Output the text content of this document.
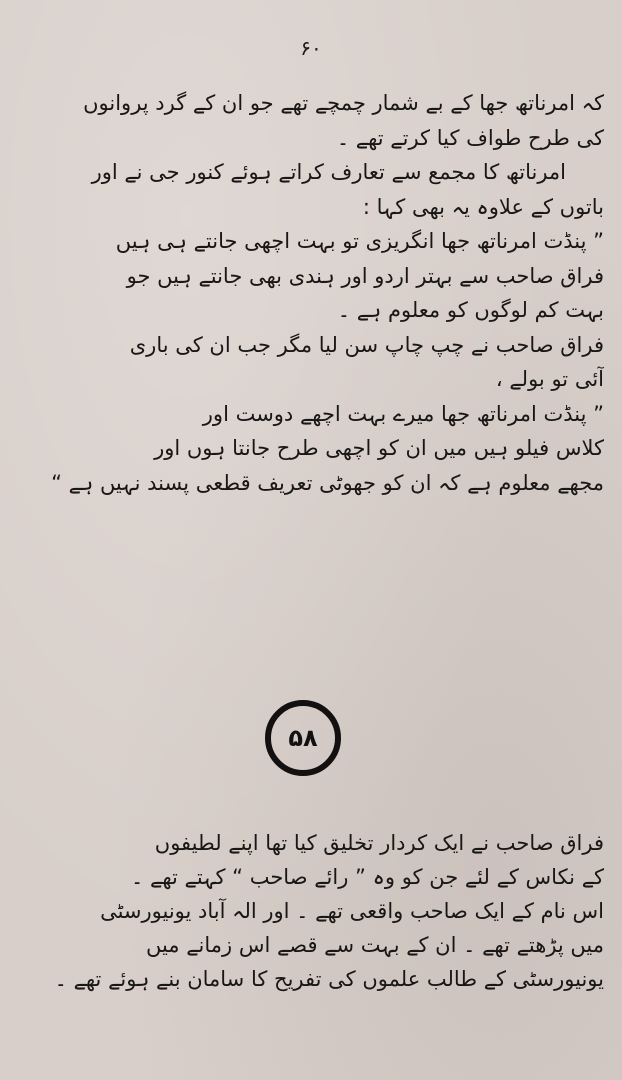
۶۰

کہ امرناتھ جھا کے بے شمار چمچے تھے جو ان کے گرد پروانوں
کی طرح طواف کیا کرتے تھے ۔

امرناتھ کا مجمع سے تعارف کراتے ہوئے کنور جی نے اور

باتوں کے علاوہ یہ بھی کہا :

” پنڈت امرناتھ جھا انگریزی تو بہت اچھی جانتے ہی ہیں
فراق صاحب سے بہتر اردو اور ہندی بھی جانتے ہیں جو
بہت کم لوگوں کو معلوم ہے ۔

فراق صاحب نے چپ چاپ سن لیا مگر جب ان کی باری
آئی تو بولے ،

” پنڈت امرناتھ جھا میرے بہت اچھے دوست اور
کلاس فیلو ہیں میں ان کو اچھی طرح جانتا ہوں اور
مجھے معلوم ہے کہ ان کو جھوٹی تعریف قطعی پسند نہیں ہے “

۵۸

فراق صاحب نے ایک کردار تخلیق کیا تھا اپنے لطیفوں
کے نکاس کے لئے جن کو وہ ” رائے صاحب “ کہتے تھے ۔
اس نام کے ایک صاحب واقعی تھے ۔ اور الہ آباد یونیورسٹی
میں پڑھتے تھے ۔ ان کے بہت سے قصے اس زمانے میں
یونیورسٹی کے طالب علموں کی تفریح کا سامان بنے ہوئے تھے ۔
